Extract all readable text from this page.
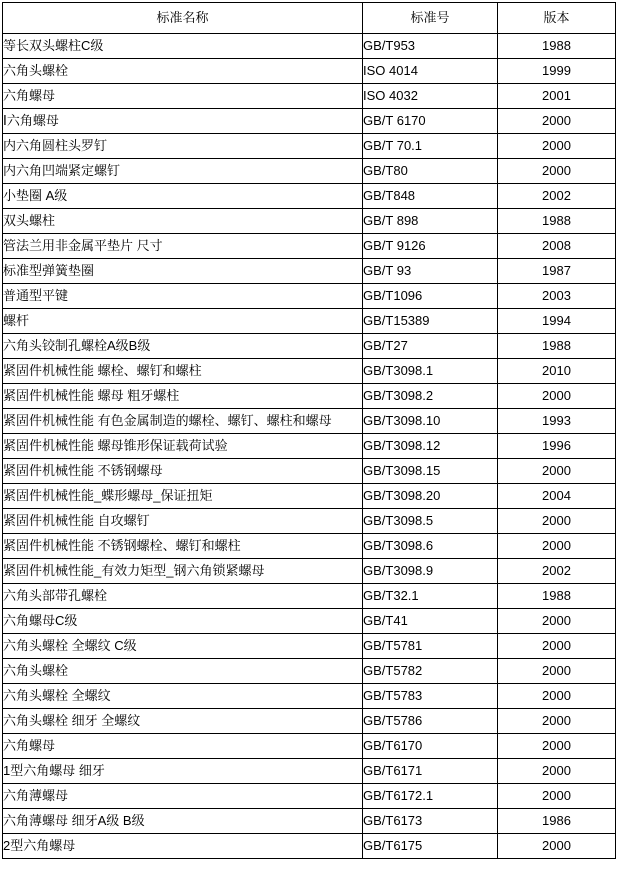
标准名称	标准号	版本
等长双头螺柱C级	GB/T953	1988
六角头螺栓	ISO 4014	1999
六角螺母	ISO 4032	2001
Ⅰ六角螺母	GB/T 6170	2000
内六角圆柱头罗钉	GB/T 70.1	2000
内六角凹端紧定螺钉	GB/T80	2000
小垫圈 A级	GB/T848	2002
双头螺柱	GB/T 898	1988
管法兰用非金属平垫片 尺寸	GB/T 9126	2008
标准型弹簧垫圈	GB/T 93	1987
普通型平键	GB/T1096	2003
螺杆	GB/T15389	1994
六角头铰制孔螺栓A级B级	GB/T27	1988
紧固件机械性能 螺栓、螺钉和螺柱	GB/T3098.1	2010
紧固件机械性能 螺母 粗牙螺柱	GB/T3098.2	2000
紧固件机械性能 有色金属制造的螺栓、螺钉、螺柱和螺母	GB/T3098.10	1993
紧固件机械性能 螺母锥形保证载荷试验	GB/T3098.12	1996
紧固件机械性能 不锈钢螺母	GB/T3098.15	2000
紧固件机械性能_蝶形螺母_保证扭矩	GB/T3098.20	2004
紧固件机械性能 自攻螺钉	GB/T3098.5	2000
紧固件机械性能 不锈钢螺栓、螺钉和螺柱	GB/T3098.6	2000
紧固件机械性能_有效力矩型_钢六角锁紧螺母	GB/T3098.9	2002
六角头部带孔螺栓	GB/T32.1	1988
六角螺母C级	GB/T41	2000
六角头螺栓 全螺纹 C级	GB/T5781	2000
六角头螺栓	GB/T5782	2000
六角头螺栓 全螺纹	GB/T5783	2000
六角头螺栓 细牙 全螺纹	GB/T5786	2000
六角螺母	GB/T6170	2000
1型六角螺母 细牙	GB/T6171	2000
六角薄螺母	GB/T6172.1	2000
六角薄螺母 细牙A级 B级	GB/T6173	1986
2型六角螺母	GB/T6175	2000
